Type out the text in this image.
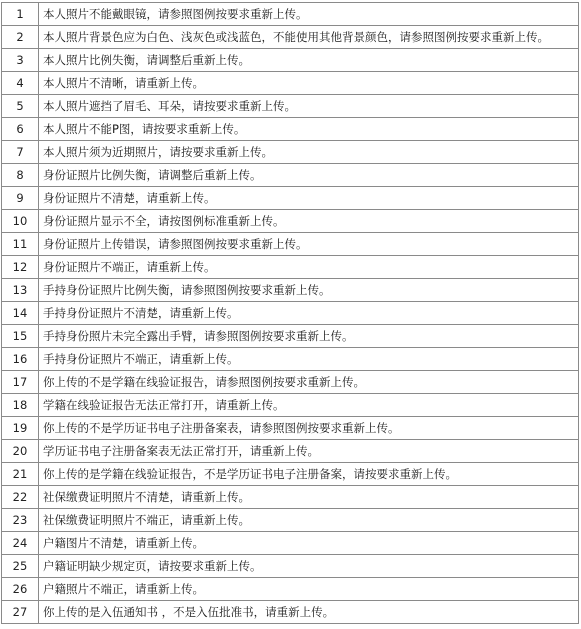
1	本人照片不能戴眼镜，请参照图例按要求重新上传。
2	本人照片背景色应为白色、浅灰色或浅蓝色，不能使用其他背景颜色，请参照图例按要求重新上传。
3	本人照片比例失衡，请调整后重新上传。
4	本人照片不清晰，请重新上传。
5	本人照片遮挡了眉毛、耳朵，请按要求重新上传。
6	本人照片不能P图，请按要求重新上传。
7	本人照片须为近期照片，请按要求重新上传。
8	身份证照片比例失衡，请调整后重新上传。
9	身份证照片不清楚，请重新上传。
10	身份证照片显示不全，请按图例标准重新上传。
11	身份证照片上传错误，请参照图例按要求重新上传。
12	身份证照片不端正，请重新上传。
13	手持身份证照片比例失衡，请参照图例按要求重新上传。
14	手持身份证照片不清楚，请重新上传。
15	手持身份照片未完全露出手臂，请参照图例按要求重新上传。
16	手持身份证照片不端正，请重新上传。
17	你上传的不是学籍在线验证报告，请参照图例按要求重新上传。
18	学籍在线验证报告无法正常打开，请重新上传。
19	你上传的不是学历证书电子注册备案表，请参照图例按要求重新上传。
20	学历证书电子注册备案表无法正常打开，请重新上传。
21	你上传的是学籍在线验证报告，不是学历证书电子注册备案，请按要求重新上传。
22	社保缴费证明照片不清楚，请重新上传。
23	社保缴费证明照片不端正，请重新上传。
24	户籍图片不清楚，请重新上传。
25	户籍证明缺少规定页，请按要求重新上传。
26	户籍照片不端正，请重新上传。
27	你上传的是入伍通知书 ，不是入伍批准书，请重新上传。
